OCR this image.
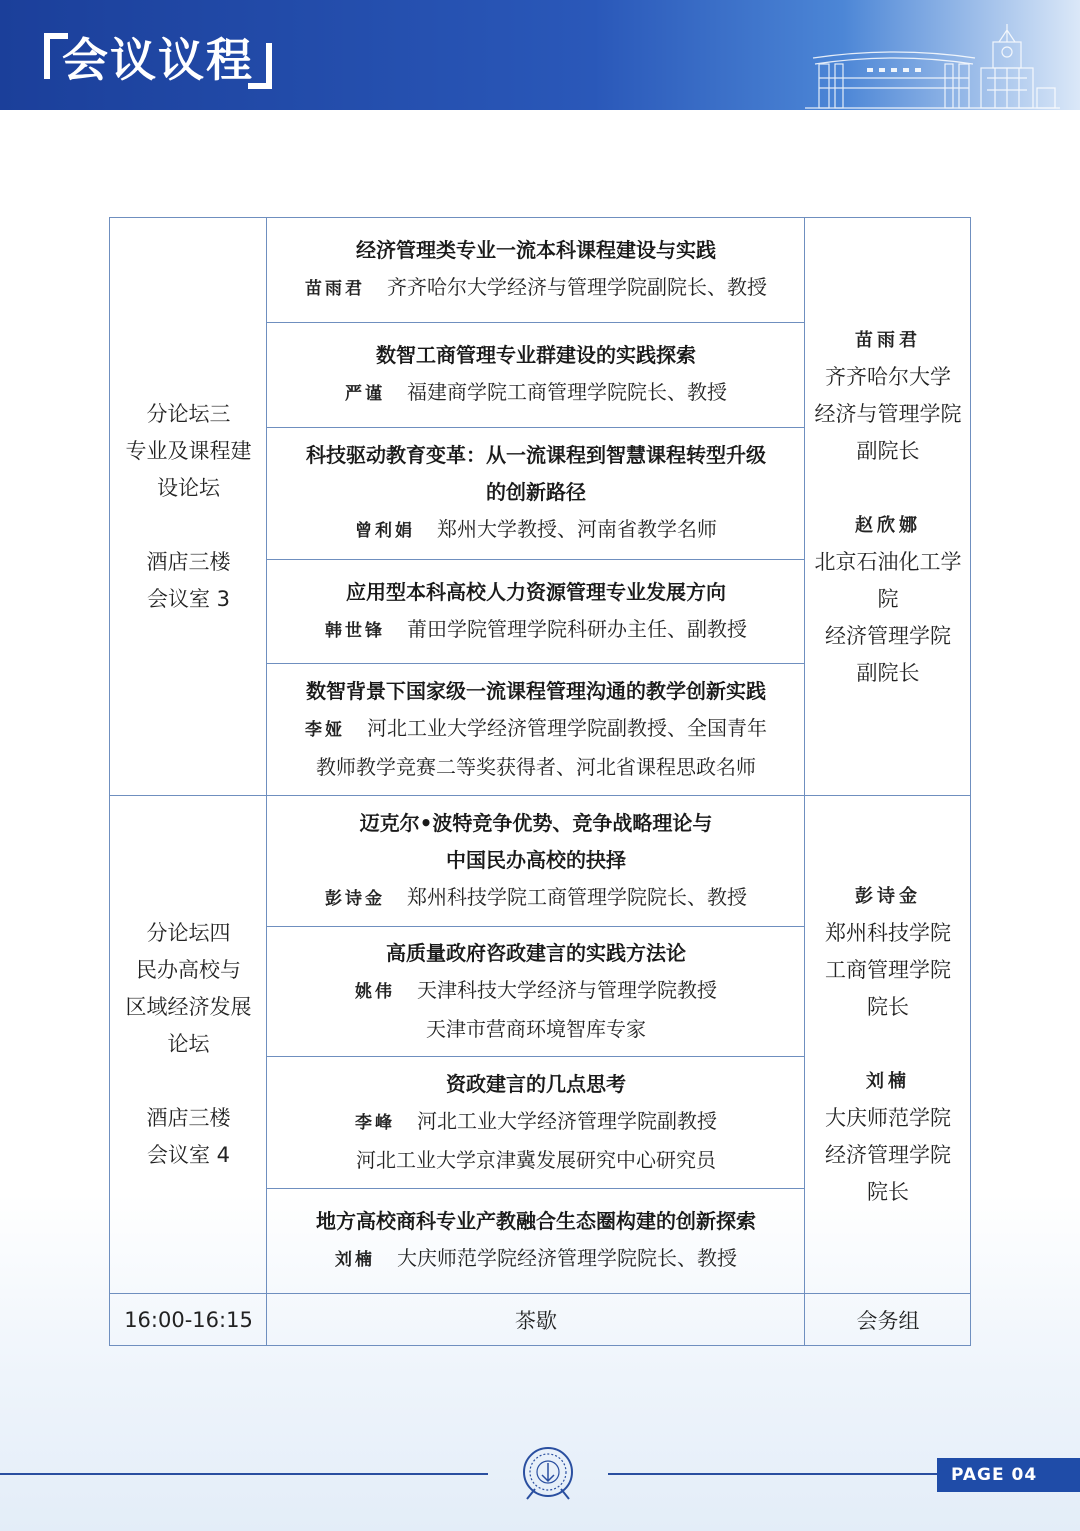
会议议程
分论坛三
专业及课程建
设论坛
酒店三楼
会议室 3
经济管理类专业一流本科课程建设与实践
苗雨君 齐齐哈尔大学经济与管理学院副院长、教授
数智工商管理专业群建设的实践探索
严谨 福建商学院工商管理学院院长、教授
科技驱动教育变革：从一流课程到智慧课程转型升级
的创新路径
曾利娟 郑州大学教授、河南省教学名师
应用型本科高校人力资源管理专业发展方向
韩世锋 莆田学院管理学院科研办主任、副教授
数智背景下国家级一流课程管理沟通的教学创新实践
李娅 河北工业大学经济管理学院副教授、全国青年
教师教学竞赛二等奖获得者、河北省课程思政名师
苗雨君
齐齐哈尔大学
经济与管理学院
副院长
赵欣娜
北京石油化工学院
经济管理学院
副院长
分论坛四
民办高校与
区域经济发展
论坛
酒店三楼
会议室 4
迈克尔•波特竞争优势、竞争战略理论与
中国民办高校的抉择
彭诗金 郑州科技学院工商管理学院院长、教授
高质量政府咨政建言的实践方法论
姚伟 天津科技大学经济与管理学院教授
天津市营商环境智库专家
资政建言的几点思考
李峰 河北工业大学经济管理学院副教授
河北工业大学京津冀发展研究中心研究员
地方高校商科专业产教融合生态圈构建的创新探索
刘楠 大庆师范学院经济管理学院院长、教授
彭诗金
郑州科技学院
工商管理学院
院长
刘楠
大庆师范学院
经济管理学院
院长
16:00-16:15	茶歇	会务组
PAGE 04
